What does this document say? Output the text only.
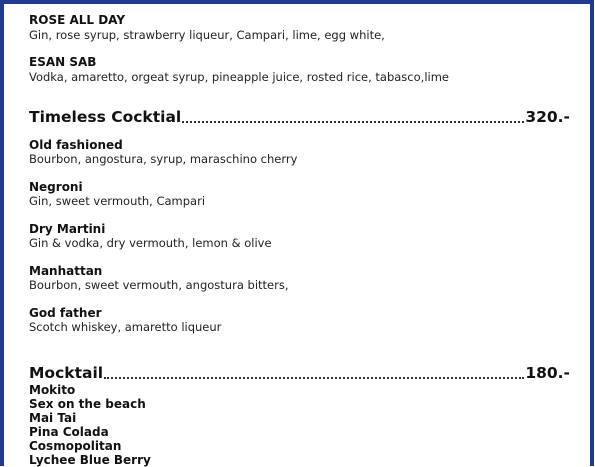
ROSE ALL DAY
Gin, rose syrup, strawberry liqueur, Campari, lime, egg white,
ESAN SAB
Vodka, amaretto, orgeat syrup, pineapple juice, rosted rice, tabasco,lime
Timeless Cocktial	320.-
Old fashioned
Bourbon, angostura, syrup, maraschino cherry
Negroni
Gin, sweet vermouth, Campari
Dry Martini
Gin & vodka, dry vermouth, lemon & olive
Manhattan
Bourbon, sweet vermouth, angostura bitters,
God father
Scotch whiskey, amaretto liqueur
Mocktail	180.-
Mokito
Sex on the beach
Mai Tai
Pina Colada
Cosmopolitan
Lychee Blue Berry
